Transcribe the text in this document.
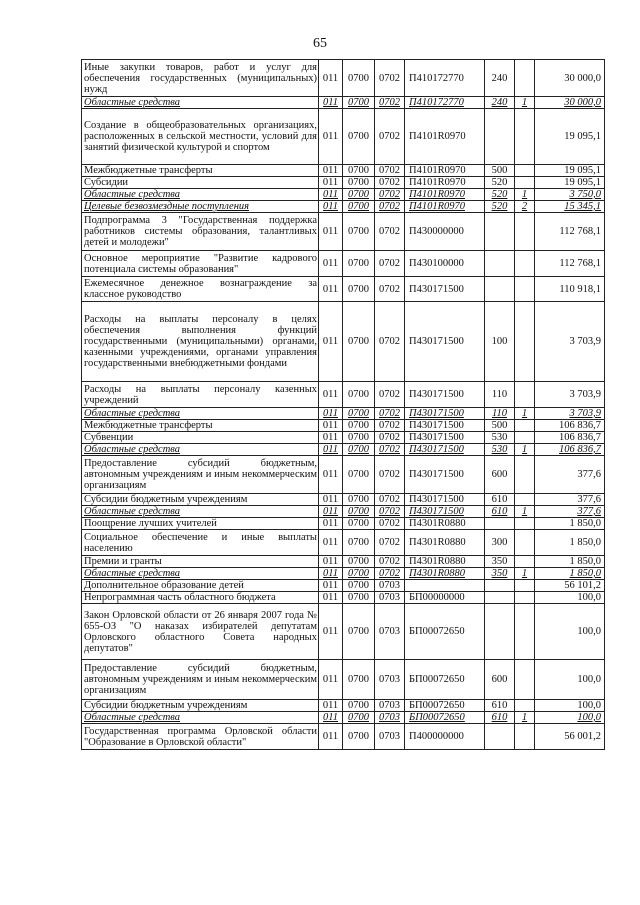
65
Иные закупки товаров, работ и услуг для обеспечения государственных (муниципальных) нужд	011	0700	0702	П410172770	240		30 000,0
Областные средства	011	0700	0702	П410172770	240	1	30 000,0
Создание в общеобразовательных организациях, расположенных в сельской местности, условий для занятий физической культурой и спортом	011	0700	0702	П4101R0970			19 095,1
Межбюджетные трансферты	011	0700	0702	П4101R0970	500		19 095,1
Субсидии	011	0700	0702	П4101R0970	520		19 095,1
Областные средства	011	0700	0702	П4101R0970	520	1	3 750,0
Целевые безвозмездные поступления	011	0700	0702	П4101R0970	520	2	15 345,1
Подпрограмма 3 "Государственная поддержка работников системы образования, талантливых детей и молодежи"	011	0700	0702	П430000000			112 768,1
Основное мероприятие "Развитие кадрового потенциала системы образования"	011	0700	0702	П430100000			112 768,1
Ежемесячное денежное вознаграждение за классное руководство	011	0700	0702	П430171500			110 918,1
Расходы на выплаты персоналу в целях обеспечения выполнения функций государственными (муниципальными) органами, казенными учреждениями, органами управления государственными внебюджетными фондами	011	0700	0702	П430171500	100		3 703,9
Расходы на выплаты персоналу казенных учреждений	011	0700	0702	П430171500	110		3 703,9
Областные средства	011	0700	0702	П430171500	110	1	3 703,9
Межбюджетные трансферты	011	0700	0702	П430171500	500		106 836,7
Субвенции	011	0700	0702	П430171500	530		106 836,7
Областные средства	011	0700	0702	П430171500	530	1	106 836,7
Предоставление субсидий бюджетным, автономным учреждениям и иным некоммерческим организациям	011	0700	0702	П430171500	600		377,6
Субсидии бюджетным учреждениям	011	0700	0702	П430171500	610		377,6
Областные средства	011	0700	0702	П430171500	610	1	377,6
Поощрение лучших учителей	011	0700	0702	П4301R0880			1 850,0
Социальное обеспечение и иные выплаты населению	011	0700	0702	П4301R0880	300		1 850,0
Премии и гранты	011	0700	0702	П4301R0880	350		1 850,0
Областные средства	011	0700	0702	П4301R0880	350	1	1 850,0
Дополнительное образование детей	011	0700	0703				56 101,2
Непрограммная часть областного бюджета	011	0700	0703	БП00000000			100,0
Закон Орловской области от 26 января 2007 года № 655-ОЗ "О наказах избирателей депутатам Орловского областного Совета народных депутатов"	011	0700	0703	БП00072650			100,0
Предоставление субсидий бюджетным, автономным учреждениям и иным некоммерческим организациям	011	0700	0703	БП00072650	600		100,0
Субсидии бюджетным учреждениям	011	0700	0703	БП00072650	610		100,0
Областные средства	011	0700	0703	БП00072650	610	1	100,0
Государственная программа Орловской области "Образование в Орловской области"	011	0700	0703	П400000000			56 001,2
